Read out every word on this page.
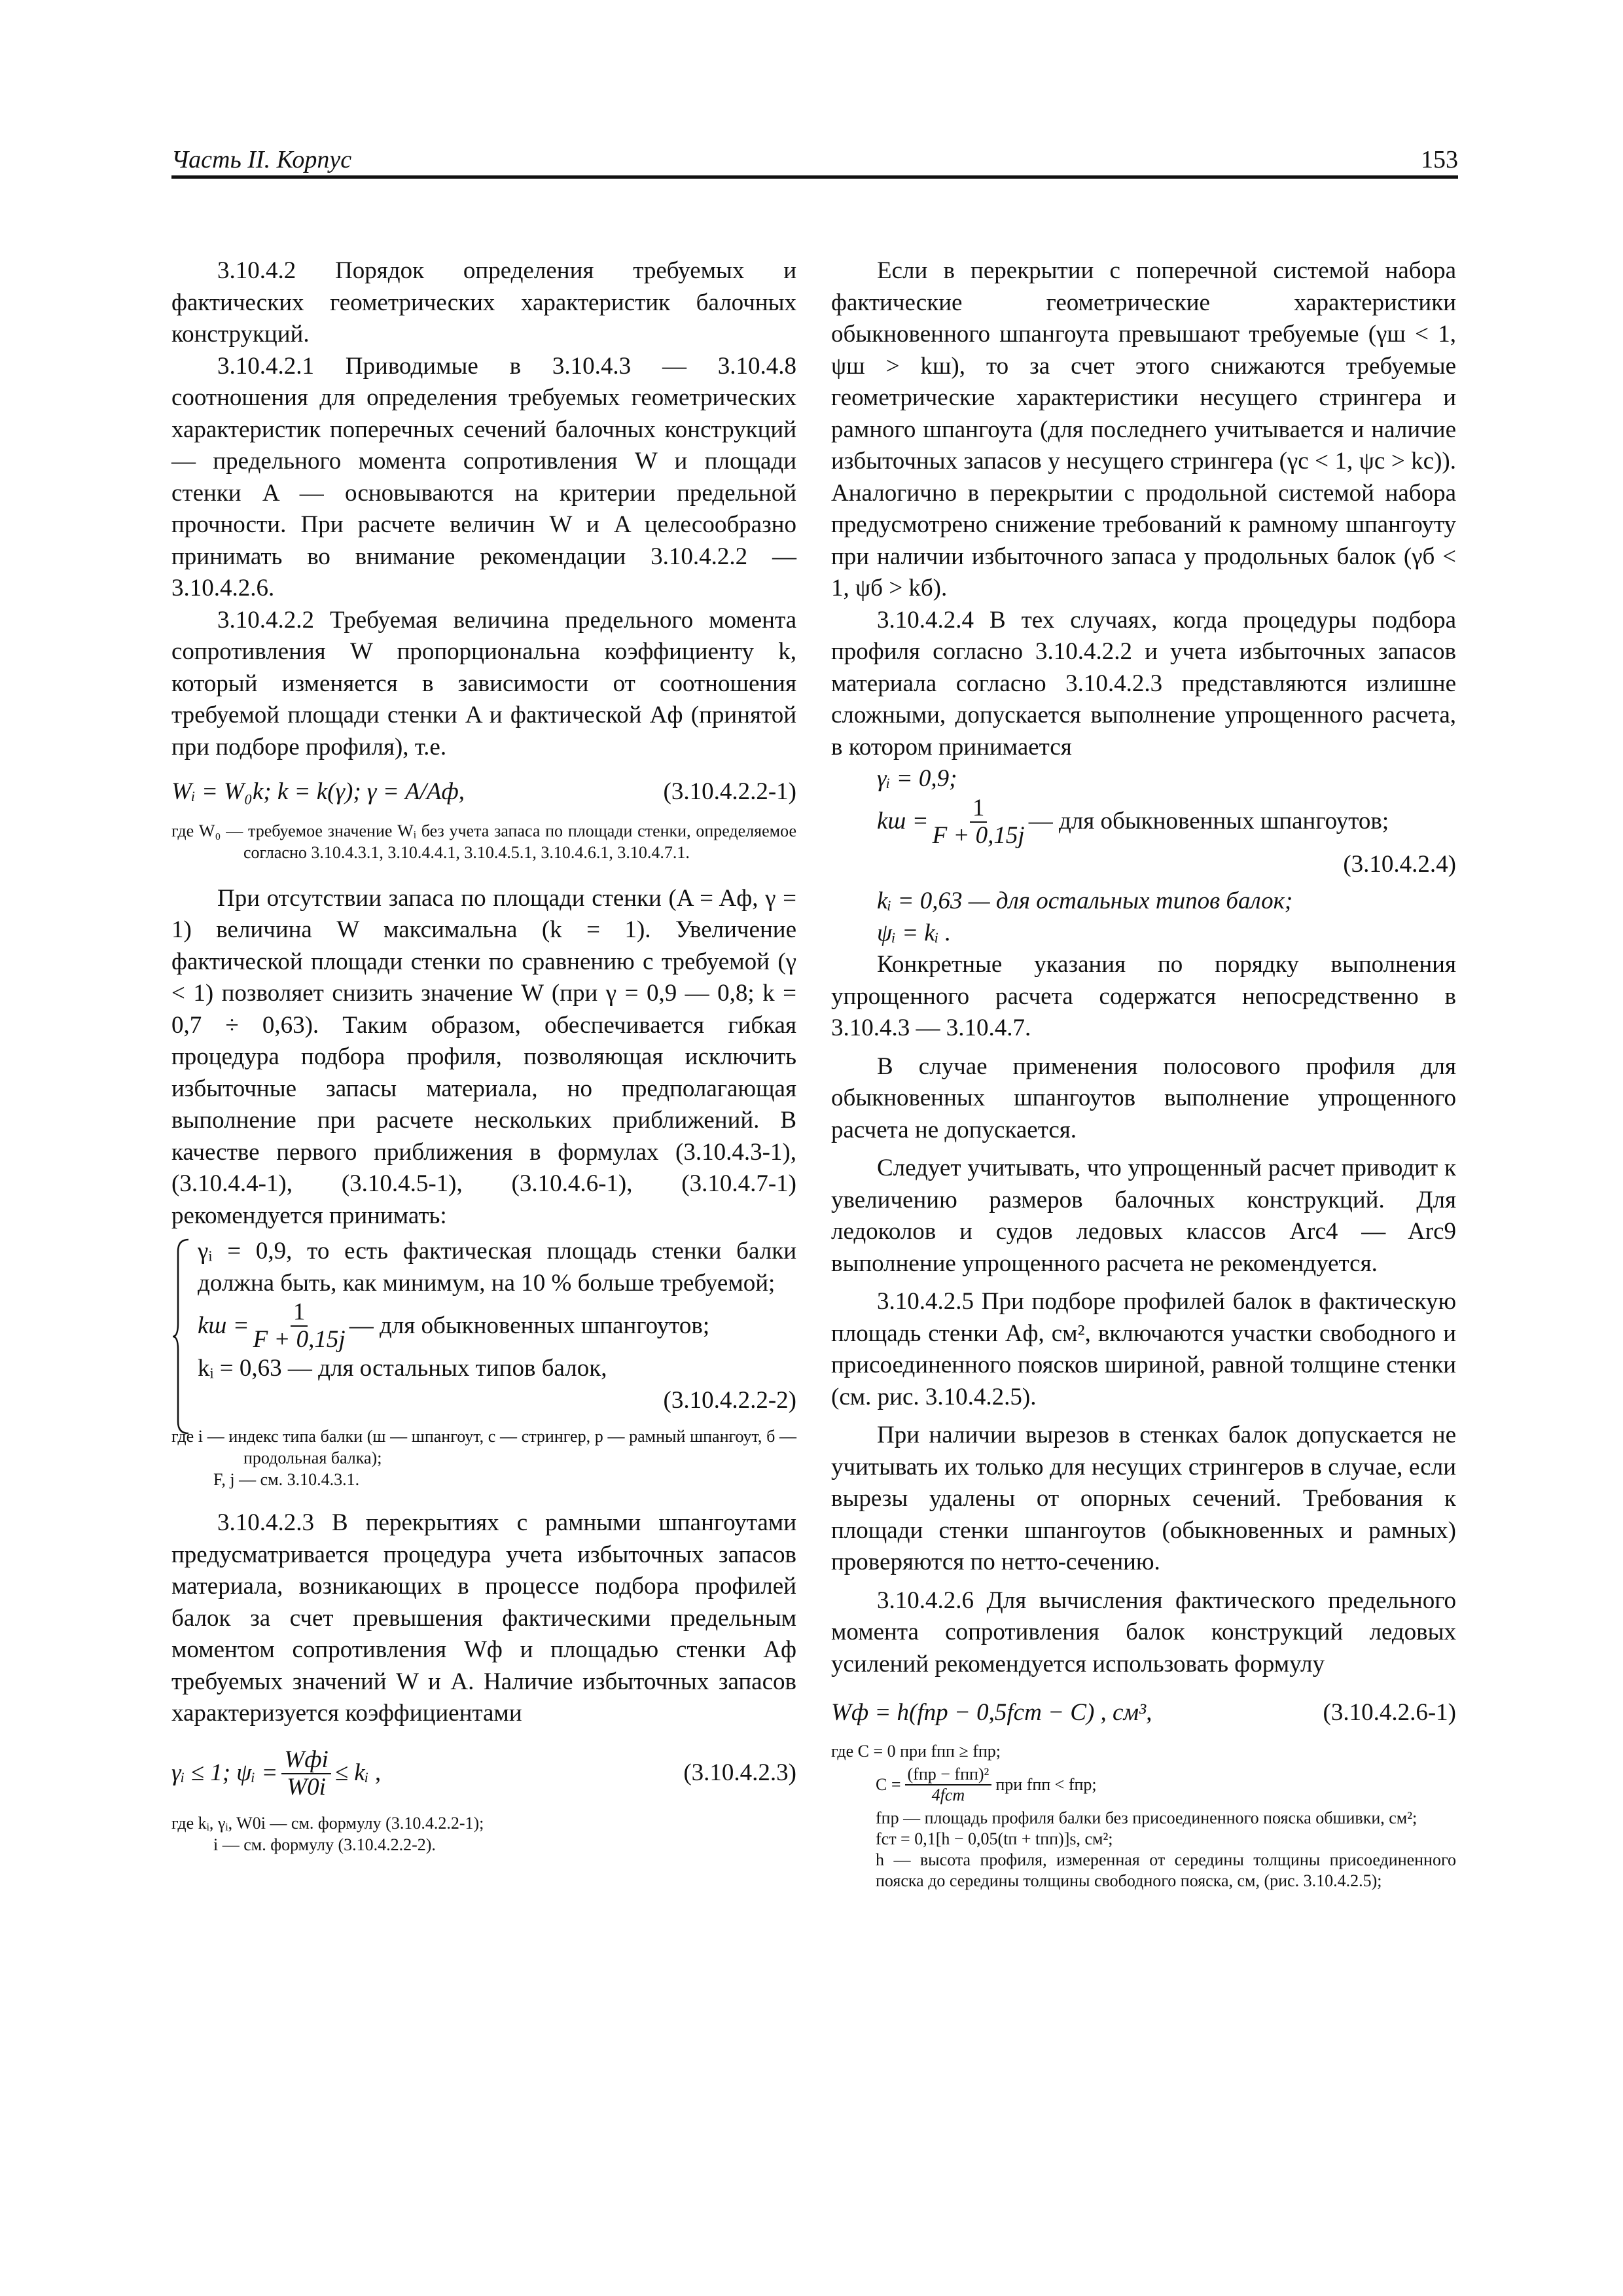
Часть II. Корпус	153

3.10.4.2 Порядок определения требуемых и фактических геометрических характеристик балочных конструкций.

3.10.4.2.1 Приводимые в 3.10.4.3 — 3.10.4.8 соотношения для определения требуемых геометрических характеристик поперечных сечений балочных конструкций — предельного момента сопротивления W и площади стенки A — основываются на критерии предельной прочности. При расчете величин W и A целесообразно принимать во внимание рекомендации 3.10.4.2.2 — 3.10.4.2.6.

3.10.4.2.2 Требуемая величина предельного момента сопротивления W пропорциональна коэффициенту k, который изменяется в зависимости от соотношения требуемой площади стенки A и фактической Aф (принятой при подборе профиля), т.е.

Wᵢ = W₀k; k = k(γ); γ = A/Aф,	(3.10.4.2.2-1)
где W₀ — требуемое значение Wᵢ без учета запаса по площади стенки, определяемое согласно 3.10.4.3.1, 3.10.4.4.1, 3.10.4.5.1, 3.10.4.6.1, 3.10.4.7.1.

При отсутствии запаса по площади стенки (A = Aф, γ = 1) величина W максимальна (k = 1). Увеличение фактической площади стенки по сравнению с требуемой (γ < 1) позволяет снизить значение W (при γ = 0,9 — 0,8; k = 0,7 ÷ 0,63). Таким образом, обеспечивается гибкая процедура подбора профиля, позволяющая исключить избыточные запасы материала, но предполагающая выполнение при расчете нескольких приближений. В качестве первого приближения в формулах (3.10.4.3-1), (3.10.4.4-1), (3.10.4.5-1), (3.10.4.6-1), (3.10.4.7-1) рекомендуется принимать:

γᵢ = 0,9, то есть фактическая площадь стенки балки должна быть, как минимум, на 10 % больше требуемой;

kш = $\frac{1}{F + 0,15j}$ — для обыкновенных шпангоутов;

kᵢ = 0,63 — для остальных типов балок,

(3.10.4.2.2-2)
где i — индекс типа балки (ш — шпангоут, с — стрингер, р — рамный шпангоут, б — продольная балка);
F, j — см. 3.10.4.3.1.

3.10.4.2.3 В перекрытиях с рамными шпангоутами предусматривается процедура учета избыточных запасов материала, возникающих в процессе подбора профилей балок за счет превышения фактическими предельным моментом сопротивления Wф и площадью стенки Aф требуемых значений W и A. Наличие избыточных запасов характеризуется коэффициентами

γᵢ ≤ 1; ψᵢ = $\frac{\text{Wфi}}{W0i}$ ≤ kᵢ ,	(3.10.4.2.3)
где kᵢ, γᵢ, W0i — см. формулу (3.10.4.2.2-1);
i — см. формулу (3.10.4.2.2-2).

Если в перекрытии с поперечной системой набора фактические геометрические характеристики обыкновенного шпангоута превышают требуемые (γш < 1, ψш > kш), то за счет этого снижаются требуемые геометрические характеристики несущего стрингера и рамного шпангоута (для последнего учитывается и наличие избыточных запасов у несущего стрингера (γс < 1, ψс > kс)). Аналогично в перекрытии с продольной системой набора предусмотрено снижение требований к рамному шпангоуту при наличии избыточного запаса у продольных балок (γб < 1, ψб > kб).

3.10.4.2.4 В тех случаях, когда процедуры подбора профиля согласно 3.10.4.2.2 и учета избыточных запасов материала согласно 3.10.4.2.3 представляются излишне сложными, допускается выполнение упрощенного расчета, в котором принимается

γᵢ = 0,9;
kш = $\frac{1}{F + 0,15j}$ — для обыкновенных шпангоутов;
(3.10.4.2.4)
kᵢ = 0,63 — для остальных типов балок;
ψᵢ = kᵢ .

Конкретные указания по порядку выполнения упрощенного расчета содержатся непосредственно в 3.10.4.3 — 3.10.4.7.

В случае применения полосового профиля для обыкновенных шпангоутов выполнение упрощенного расчета не допускается.

Следует учитывать, что упрощенный расчет приводит к увеличению размеров балочных конструкций. Для ледоколов и судов ледовых классов Arc4 — Arc9 выполнение упрощенного расчета не рекомендуется.

3.10.4.2.5 При подборе профилей балок в фактическую площадь стенки Aф, см², включаются участки свободного и присоединенного поясков шириной, равной толщине стенки (см. рис. 3.10.4.2.5).

При наличии вырезов в стенках балок допускается не учитывать их только для несущих стрингеров в случае, если вырезы удалены от опорных сечений. Требования к площади стенки шпангоутов (обыкновенных и рамных) проверяются по нетто-сечению.

3.10.4.2.6 Для вычисления фактического предельного момента сопротивления балок конструкций ледовых усилений рекомендуется использовать формулу

Wф = h(fпр − 0,5fст − C) , см³,	(3.10.4.2.6-1)
где C = 0 при fпп ≥ fпр;
$C = \frac{\text{(fпр − fпп)²}}{\text{4fст}}$ при fпп < fпр;
fпр — площадь профиля балки без присоединенного пояска обшивки, см²;
fст = 0,1[h − 0,05(tп + tпп)]s, см²;
h — высота профиля, измеренная от середины толщины присоединенного пояска до середины толщины свободного пояска, см, (рис. 3.10.4.2.5);
